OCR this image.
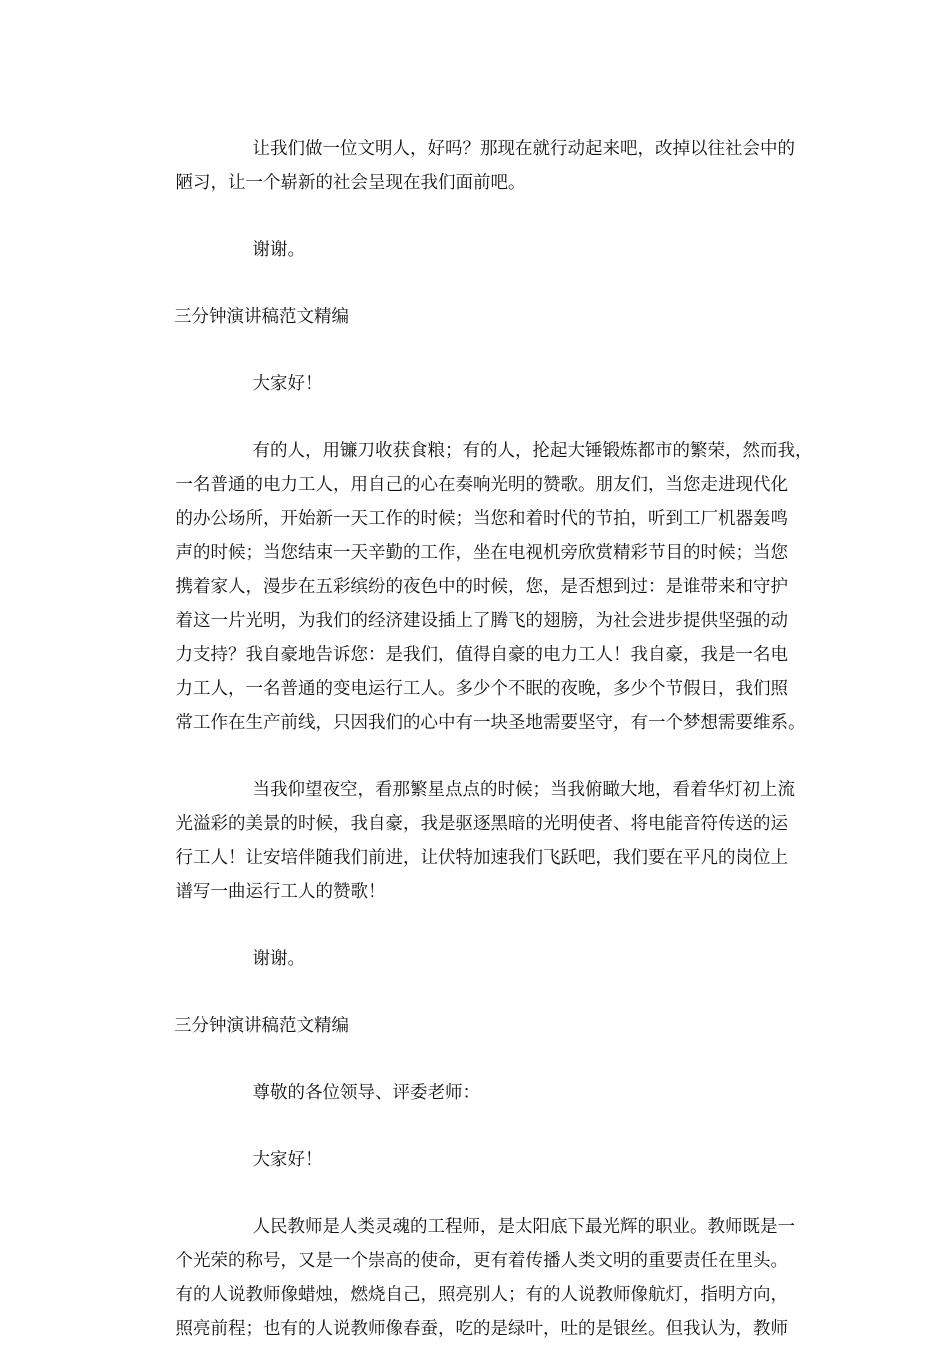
让我们做一位文明人，好吗？那现在就行动起来吧，改掉以往社会中的
陋习，让一个崭新的社会呈现在我们面前吧。

谢谢。

三分钟演讲稿范文精编

大家好！

有的人，用镰刀收获食粮；有的人，抡起大锤锻炼都市的繁荣，然而我，
一名普通的电力工人，用自己的心在奏响光明的赞歌。朋友们，当您走进现代化
的办公场所，开始新一天工作的时候；当您和着时代的节拍，听到工厂机器轰鸣
声的时候；当您结束一天辛勤的工作，坐在电视机旁欣赏精彩节目的时候；当您
携着家人，漫步在五彩缤纷的夜色中的时候，您，是否想到过：是谁带来和守护
着这一片光明，为我们的经济建设插上了腾飞的翅膀，为社会进步提供坚强的动
力支持？我自豪地告诉您：是我们，值得自豪的电力工人！我自豪，我是一名电
力工人，一名普通的变电运行工人。多少个不眠的夜晚，多少个节假日，我们照
常工作在生产前线，只因我们的心中有一块圣地需要坚守，有一个梦想需要维系。

当我仰望夜空，看那繁星点点的时候；当我俯瞰大地，看着华灯初上流
光溢彩的美景的时候，我自豪，我是驱逐黑暗的光明使者、将电能音符传送的运
行工人！让安培伴随我们前进，让伏特加速我们飞跃吧，我们要在平凡的岗位上
谱写一曲运行工人的赞歌！

谢谢。

三分钟演讲稿范文精编

尊敬的各位领导、评委老师：

大家好！

人民教师是人类灵魂的工程师，是太阳底下最光辉的职业。教师既是一
个光荣的称号，又是一个崇高的使命，更有着传播人类文明的重要责任在里头。
有的人说教师像蜡烛，燃烧自己，照亮别人；有的人说教师像航灯，指明方向，
照亮前程；也有的人说教师像春蚕，吃的是绿叶，吐的是银丝。但我认为，教师
